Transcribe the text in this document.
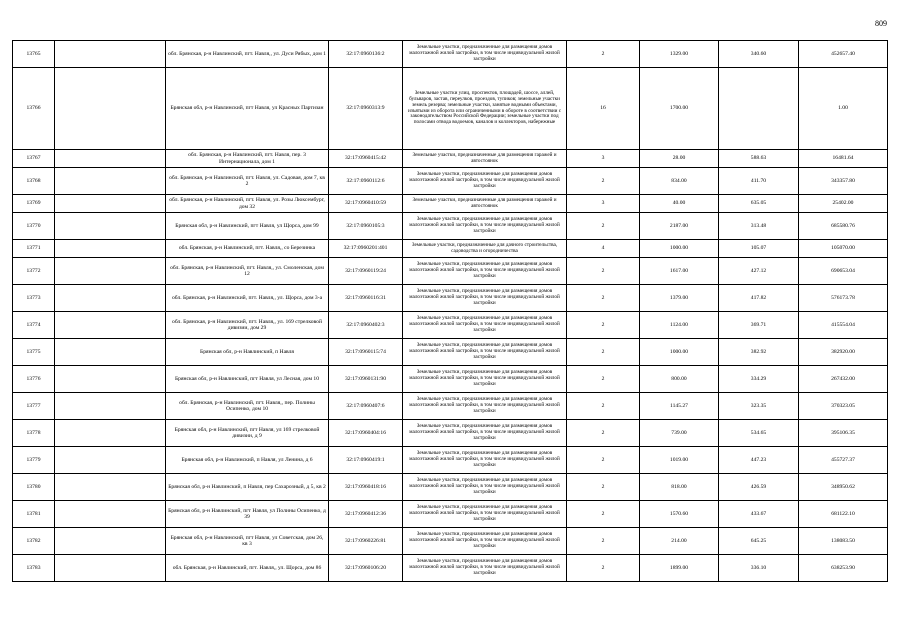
809
13765		обл. Брянская, р-н Навлинский, пгт. Навля,, ул. Дуси Рябых, дом 1	32:17:0960136:2	Земельные участки, предназначенные для размещения домов малоэтажной жилой застройки, в том числе индивидуальной жилой застройки	2	1329.00	340.60	452657.40
13766		Брянская обл, р-н Навлинский, пгт Навля, ул Красных Партизан	32:17:0960313:9	Земельные участки улиц, проспектов, площадей, шоссе, аллей, бульваров, застав, переулков, проездов, тупиков; земельные участки земель резерва; земельные участки, занятые водными объектами, изъятыми из оборота или ограниченными в обороте в соответствии с законодательством Российской Федерации; земельные участки под полосами отвода водоемов, каналов и коллекторов, набережные	16	1700.00		1.00
13767		обл. Брянская, р-н Навлинский, пгт. Навля, пер. 3 Интернационала, дом 1	32:17:0960415:42	Земельные участки, предназначенные для размещения гаражей и автостоянок	3	28.00	588.63	16481.64
13768		обл. Брянская, р-н Навлинский, пгт. Навля, ул. Садовая, дом 7, кв 2	32:17:0960112:6	Земельные участки, предназначенные для размещения домов малоэтажной жилой застройки, в том числе индивидуальной жилой застройки	2	834.00	411.70	343357.80
13769		обл. Брянская, р-н Навлинский, пгт. Навля, ул. Розы Люксембург, дом 32	32:17:0960410:59	Земельные участки, предназначенные для размещения гаражей и автостоянок	3	40.00	635.05	25402.00
13770		Брянская обл, р-н Навлинский, пгт Навля, ул Щорса, дом 99	32:17:0960105:3	Земельные участки, предназначенные для размещения домов малоэтажной жилой застройки, в том числе индивидуальной жилой застройки	2	2187.00	313.48	685580.76
13771		обл. Брянская, р-н Навлинский, пгт. Навля,, со Березинка	32:17:0960201:401	Земельные участки, предназначенные для дачного строительства, садоводства и огородничества	4	1000.00	105.07	105070.00
13772		обл. Брянская, р-н Навлинский, пгт. Навля,, ул. Смоленская, дом 12	32:17:0960119:24	Земельные участки, предназначенные для размещения домов малоэтажной жилой застройки, в том числе индивидуальной жилой застройки	2	1617.00	427.12	690653.04
13773		обл. Брянская, р-н Навлинский, пгт. Навля,, ул. Щорса, дом 3-а	32:17:0960116:31	Земельные участки, предназначенные для размещения домов малоэтажной жилой застройки, в том числе индивидуальной жилой застройки	2	1379.00	417.82	576173.78
13774		обл. Брянская, р-н Навлинский, пгт. Навля,, ул. 169 стрелковой дивизии, дом 29	32:17:0960402:3	Земельные участки, предназначенные для размещения домов малоэтажной жилой застройки, в том числе индивидуальной жилой застройки	2	1124.00	369.71	415554.04
13775		Брянская обл, р-н Навлинский, п Навля	32:17:0960115:74	Земельные участки, предназначенные для размещения домов малоэтажной жилой застройки, в том числе индивидуальной жилой застройки	2	1000.00	382.92	382920.00
13776		Брянская обл, р-н Навлинский, пгт Навля, ул Лесная, дом 10	32:17:0960131:90	Земельные участки, предназначенные для размещения домов малоэтажной жилой застройки, в том числе индивидуальной жилой застройки	2	800.00	334.29	267432.00
13777		обл. Брянская, р-н Навлинский, пгт. Навля,, пер. Полины Осипенко, дом 10	32:17:0960407:6	Земельные участки, предназначенные для размещения домов малоэтажной жилой застройки, в том числе индивидуальной жилой застройки	2	1145.27	323.35	370323.05
13778		Брянская обл, р-н Навлинский, пгт Навля, ул 169 стрелковой дивизии, д 9	32:17:0960404:16	Земельные участки, предназначенные для размещения домов малоэтажной жилой застройки, в том числе индивидуальной жилой застройки	2	739.00	534.65	395106.35
13779		Брянская обл, р-н Навлинский, п Навля, ул Ленина, д 6	32:17:0960419:1	Земельные участки, предназначенные для размещения домов малоэтажной жилой застройки, в том числе индивидуальной жилой застройки	2	1019.00	447.23	455727.37
13780		Брянская обл, р-н Навлинский, п Навля, пер Сахарозный, д 5, кв 2	32:17:0960418:16	Земельные участки, предназначенные для размещения домов малоэтажной жилой застройки, в том числе индивидуальной жилой застройки	2	818.00	426.59	348950.62
13781		Брянская обл, р-н Навлинский, пгт Навля, ул Полины Осипенко, д 39	32:17:0960412:36	Земельные участки, предназначенные для размещения домов малоэтажной жилой застройки, в том числе индивидуальной жилой застройки	2	1570.60	433.67	681122.10
13782		Брянская обл, р-н Навлинский, пгт Навля, ул Советская, дом 26, кв 3	32:17:0960226:81	Земельные участки, предназначенные для размещения домов малоэтажной жилой застройки, в том числе индивидуальной жилой застройки	2	214.00	645.25	138083.50
13783		обл. Брянская, р-н Навлинский, пгт. Навля,, ул. Щорса, дом 86	32:17:0960106:20	Земельные участки, предназначенные для размещения домов малоэтажной жилой застройки, в том числе индивидуальной жилой застройки	2	1899.00	336.10	638253.90
